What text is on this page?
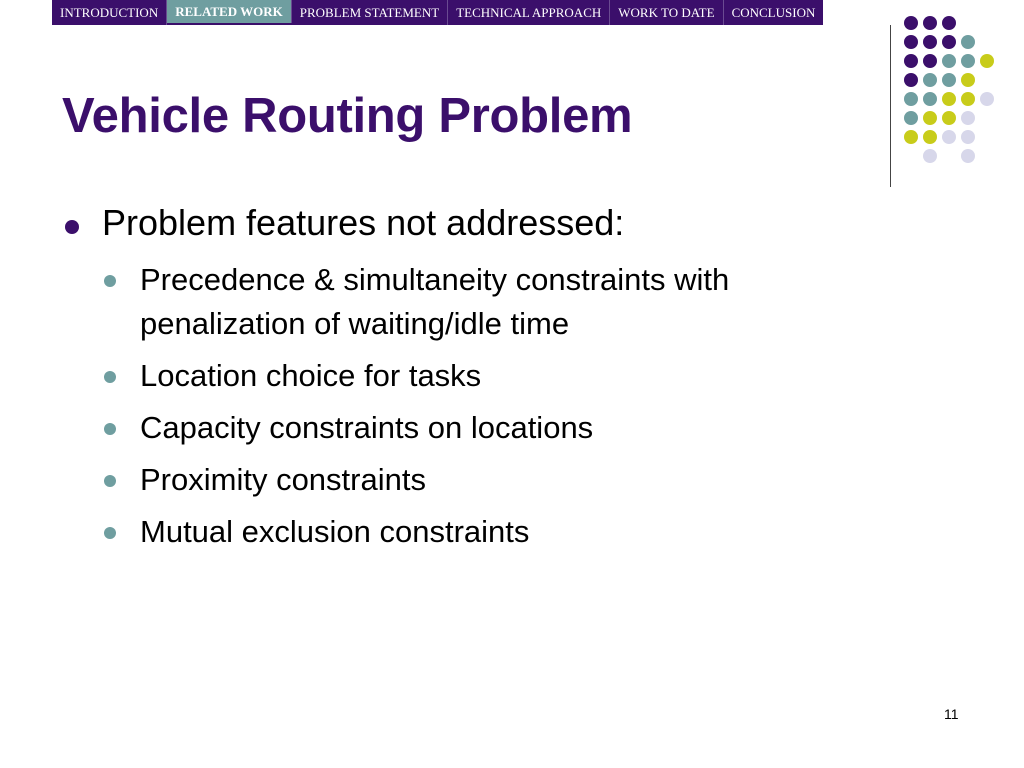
INTRODUCTION	RELATED WORK	PROBLEM STATEMENT	TECHNICAL APPROACH	WORK TO DATE	CONCLUSION
Vehicle Routing Problem
Problem features not addressed:
Precedence & simultaneity constraints with penalization of waiting/idle time
Location choice for tasks
Capacity constraints on locations
Proximity constraints
Mutual exclusion constraints
11
